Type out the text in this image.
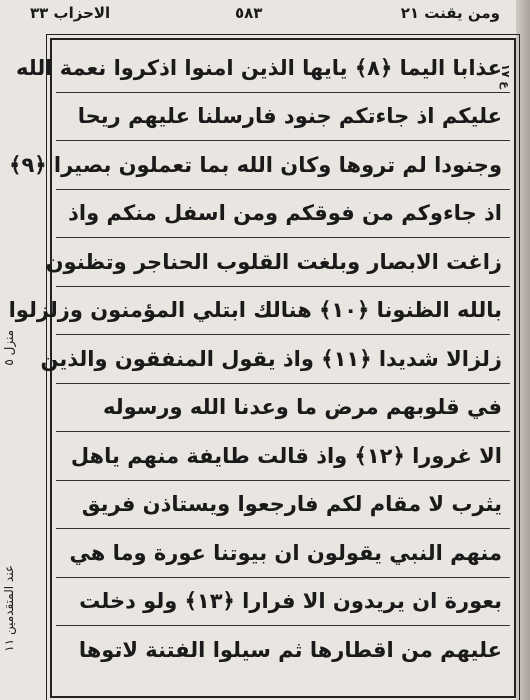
الاحزاب ٣٣	٥٨٣	ومن يقنت ٢١
منزل ٥
عند المتقدمين ١١
ع ١٧
عذابا اليما ﴿٨﴾ يايها الذين امنوا اذكروا نعمة الله
عليكم اذ جاءتكم جنود فارسلنا عليهم ريحا
وجنودا لم تروها وكان الله بما تعملون بصيرا ﴿٩﴾
اذ جاءوكم من فوقكم ومن اسفل منكم واذ
زاغت الابصار وبلغت القلوب الحناجر وتظنون
بالله الظنونا ﴿١٠﴾ هنالك ابتلي المؤمنون وزلزلوا
زلزالا شديدا ﴿١١﴾ واذ يقول المنفقون والذين
في قلوبهم مرض ما وعدنا الله ورسوله
الا غرورا ﴿١٢﴾ واذ قالت طايفة منهم ياهل
يثرب لا مقام لكم فارجعوا ويستاذن فريق
منهم النبي يقولون ان بيوتنا عورة وما هي
بعورة ان يريدون الا فرارا ﴿١٣﴾ ولو دخلت
عليهم من اقطارها ثم سيلوا الفتنة لاتوها
